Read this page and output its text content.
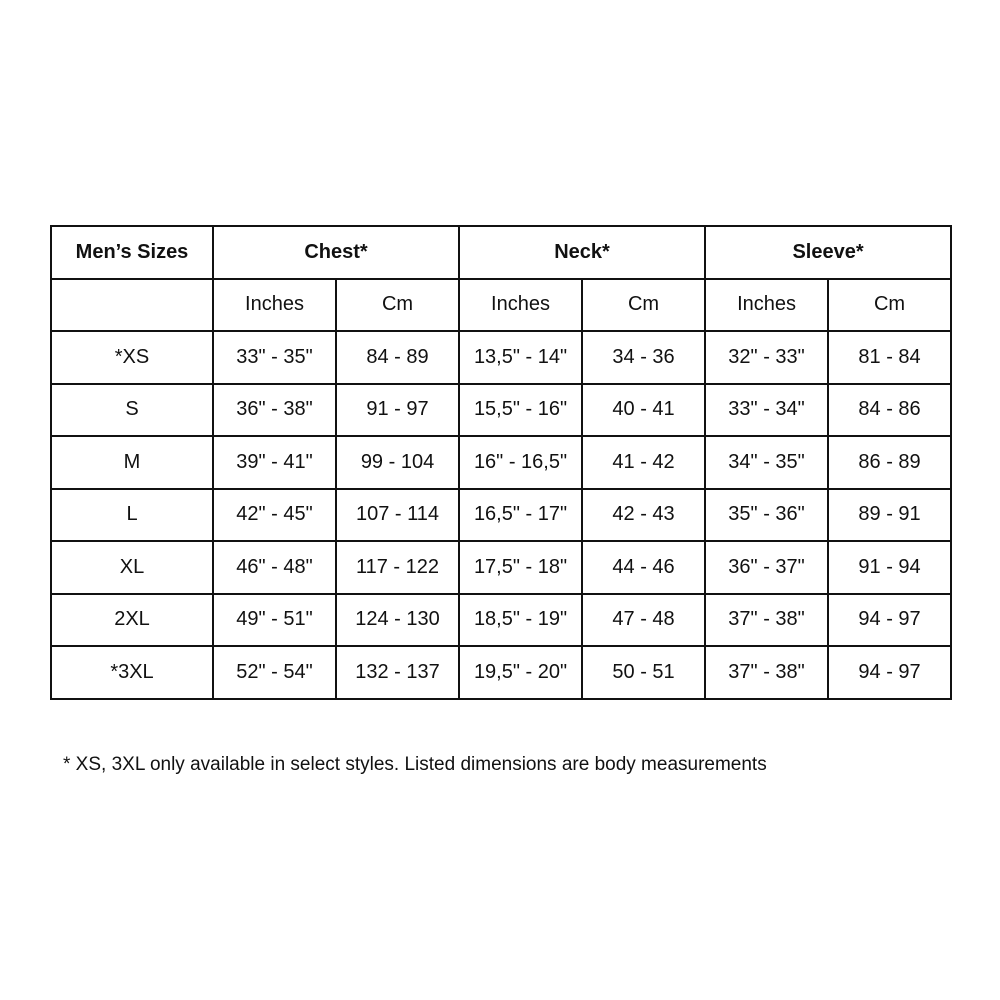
Men’s Sizes	Chest*		Neck*		Sleeve*	
	Inches	Cm	Inches	Cm	Inches	Cm
*XS	33" - 35"	84 - 89	13,5" - 14"	34 - 36	32" - 33"	81 - 84
S	36" - 38"	91 - 97	15,5" - 16"	40 - 41	33" - 34"	84 - 86
M	39" - 41"	99 - 104	16" - 16,5"	41 - 42	34" - 35"	86 - 89
L	42" - 45"	107 - 114	16,5" - 17"	42 - 43	35" - 36"	89 - 91
XL	46" - 48"	117 - 122	17,5" - 18"	44 - 46	36" - 37"	91 - 94
2XL	49" - 51"	124 - 130	18,5" - 19"	47 - 48	37" - 38"	94 - 97
*3XL	52" - 54"	132 - 137	19,5" - 20"	50 - 51	37" - 38"	94 - 97
* XS, 3XL only available in select styles. Listed dimensions are body measurements
